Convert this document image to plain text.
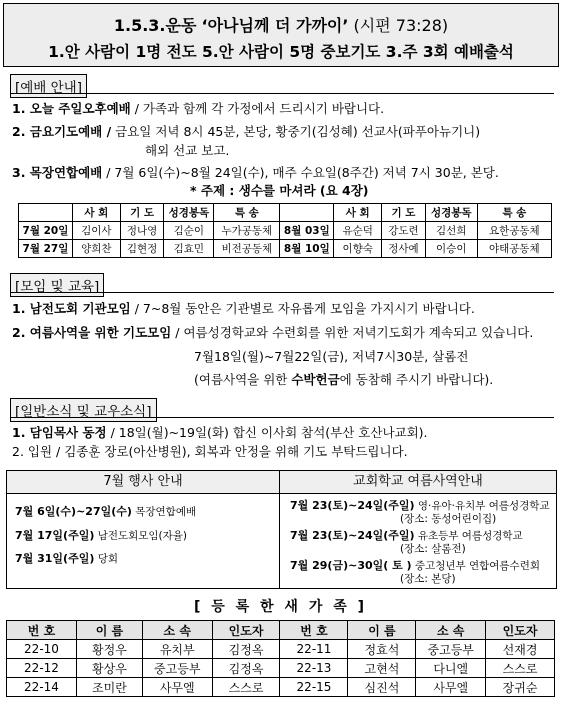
1.5.3.운동 ‘아나님께 더 가까이’ (시편 73:28)
1.안 사람이 1명 전도 5.안 사람이 5명 중보기도 3.주 3회 예배출석
[예배 안내]
1. 오늘 주일오후예배 / 가족과 함께 각 가정에서 드리시기 바랍니다.
2. 금요기도예배 / 금요일 저녁 8시 45분, 본당, 황중기(김성혜) 선교사(파푸아뉴기니)
해외 선교 보고.
3. 목장연합예배 / 7월 6일(수)~8월 24일(수), 매주 수요일(8주간) 저녁 7시 30분, 본당.
* 주제 : 생수를 마셔라 (요 4장)
	사 회	기 도	성경봉독	특 송		사 회	기 도	성경봉독	특 송
7월 20일	김이사	정나영	김순이	누가공동체	8월 03일	유순덕	강도련	김선희	요한공동체
7월 27일	양희찬	김현정	김효민	비전공동체	8월 10일	이향숙	정사예	이승이	야태공동체
[모임 및 교육]
1. 남전도회 기관모임 / 7~8월 동안은 기관별로 자유롭게 모임을 가지시기 바랍니다.
2. 여름사역을 위한 기도모임 / 여름성경학교와 수련회를 위한 저녁기도회가 계속되고 있습니다.
7월18일(월)~7월22일(금), 저녁7시30분, 살롬전
(여름사역을 위한 수박헌금에 동참해 주시기 바랍니다).
[일반소식 및 교우소식]
1. 담임목사 동정 / 18일(월)~19일(화) 합신 이사회 참석(부산 호산나교회).
2. 입원 / 김종훈 장로(아산병원), 회복과 안정을 위해 기도 부탁드립니다.
7월 행사 안내
7월 6일(수)~27일(수) 목장연합예배
7월 17일(주일) 남전도회모임(자율)
7월 31일(주일) 당회
교회학교 여름사역안내
7월 23(토)~24일(주일) 영·유아·유치부 여름성경학교
(장소: 동성어린이집)
7월 23(토)~24일(주일) 유초등부 여름성경학교
(장소: 살롬전)
7월 29(금)~30일( 토 ) 중고청년부 연합여름수련회
(장소: 본당)
[ 등 록 한 새 가 족 ]
번 호	이 름	소 속	인도자	번 호	이 름	소 속	인도자
22-10	황정우	유치부	김정옥	22-11	정효석	중고등부	선재경
22-12	황상우	중고등부	김정옥	22-13	고현석	다니엘	스스로
22-14	조미란	사무엘	스스로	22-15	심진석	사무엘	장귀순
